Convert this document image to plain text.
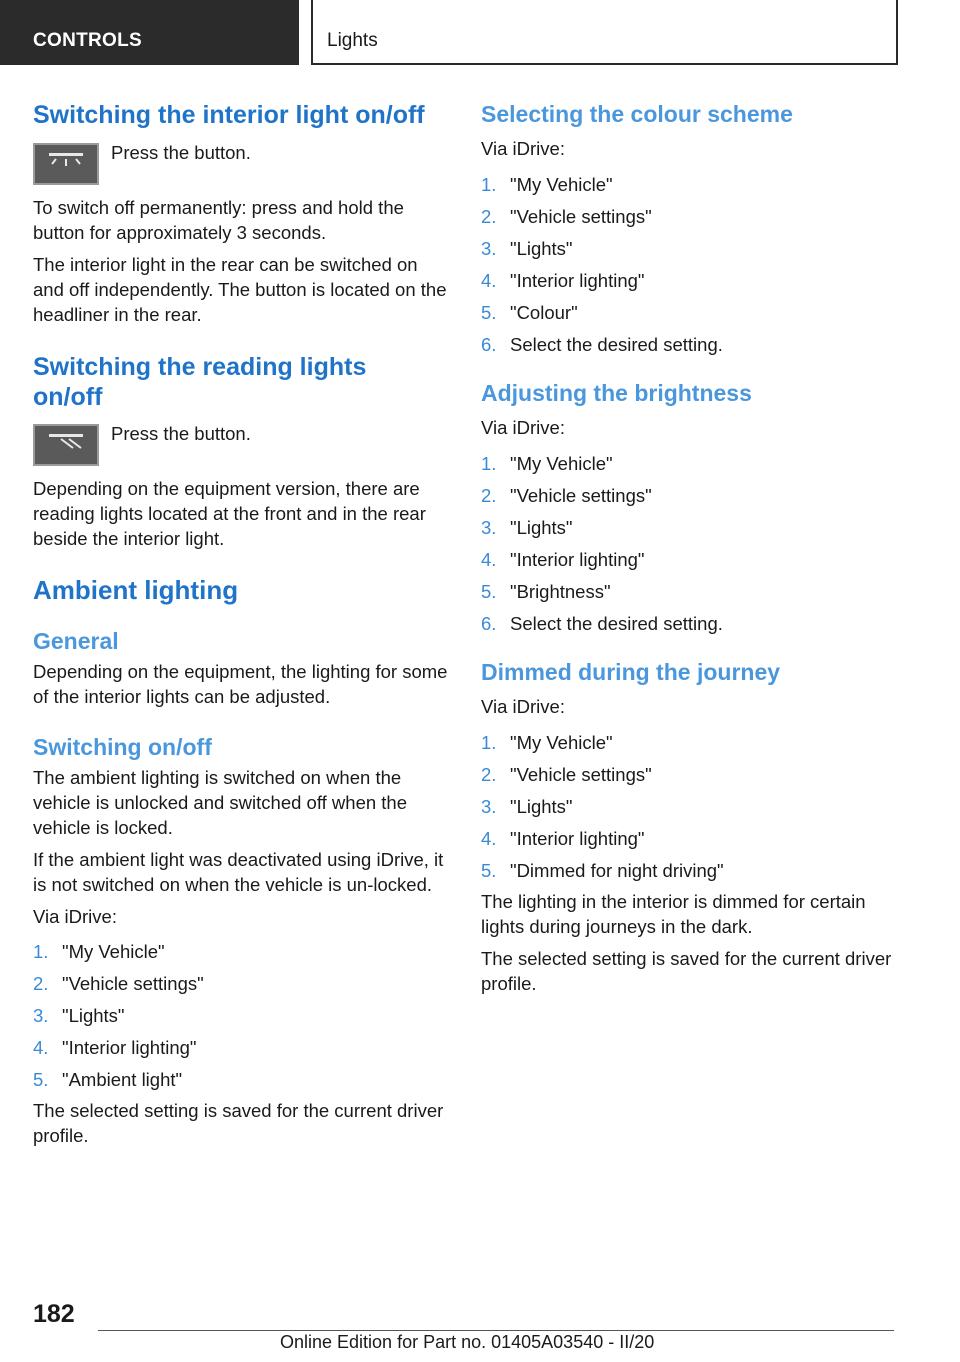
CONTROLS	Lights
Switching the interior light on/off

Press the button.

To switch off permanently: press and hold the button for approximately 3 seconds.

The interior light in the rear can be switched on and off independently. The button is located on the headliner in the rear.

Switching the reading lights
on/off

Press the button.

Depending on the equipment version, there are reading lights located at the front and in the rear beside the interior light.

Ambient lighting
General

Depending on the equipment, the lighting for some of the interior lights can be adjusted.

Switching on/off

The ambient lighting is switched on when the vehicle is unlocked and switched off when the vehicle is locked.

If the ambient light was deactivated using iDrive, it is not switched on when the vehicle is un-locked.

Via iDrive:

1. "My Vehicle"
2. "Vehicle settings"
3. "Lights"
4. "Interior lighting"
5. "Ambient light"

The selected setting is saved for the current driver profile.

Selecting the colour scheme

Via iDrive:

1. "My Vehicle"
2. "Vehicle settings"
3. "Lights"
4. "Interior lighting"
5. "Colour"
6. Select the desired setting.
Adjusting the brightness

Via iDrive:

1. "My Vehicle"
2. "Vehicle settings"
3. "Lights"
4. "Interior lighting"
5. "Brightness"
6. Select the desired setting.
Dimmed during the journey

Via iDrive:

1. "My Vehicle"
2. "Vehicle settings"
3. "Lights"
4. "Interior lighting"
5. "Dimmed for night driving"

The lighting in the interior is dimmed for certain lights during journeys in the dark.

The selected setting is saved for the current driver profile.

182
Online Edition for Part no. 01405A03540 - II/20
